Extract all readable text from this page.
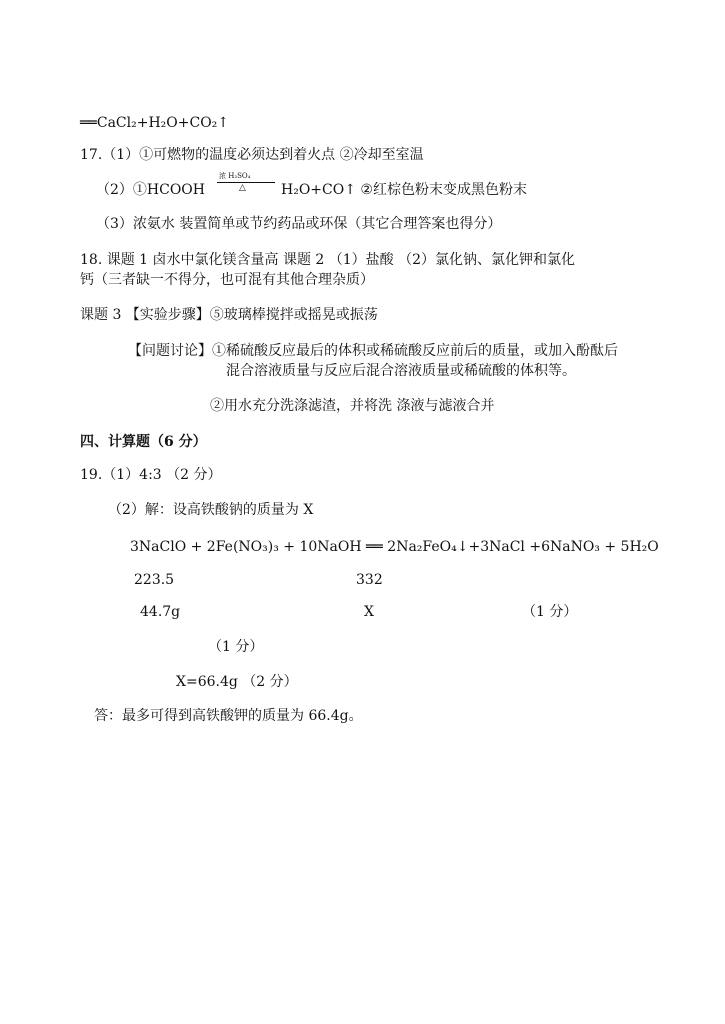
══CaCl₂+H₂O+CO₂↑
17.（1）①可燃物的温度必须达到着火点 ②冷却至室温
（2）①HCOOH
浓 H₂SO₄
△	H₂O+CO↑ ②红棕色粉末变成黑色粉末
（3）浓氨水 装置简单或节约药品或环保（其它合理答案也得分）
18. 课题 1 卤水中氯化镁含量高 课题 2 （1）盐酸 （2）氯化钠、氯化钾和氯化
钙（三者缺一不得分，也可混有其他合理杂质）
课题 3 【实验步骤】⑤玻璃棒搅拌或摇晃或振荡
【问题讨论】①稀硫酸反应最后的体积或稀硫酸反应前后的质量，或加入酚酞后
混合溶液质量与反应后混合溶液质量或稀硫酸的体积等。
②用水充分洗涤滤渣，并将洗 涤液与滤液合并
四、计算题（6 分）
19.（1）4:3 （2 分）
（2）解：设高铁酸钠的质量为 X
3NaClO + 2Fe(NO₃)₃ + 10NaOH ══ 2Na₂FeO₄↓+3NaCl +6NaNO₃ + 5H₂O
223.5	332
44.7g	X	（1 分）
（1 分）
X=66.4g （2 分）
答：最多可得到高铁酸钾的质量为 66.4g。
